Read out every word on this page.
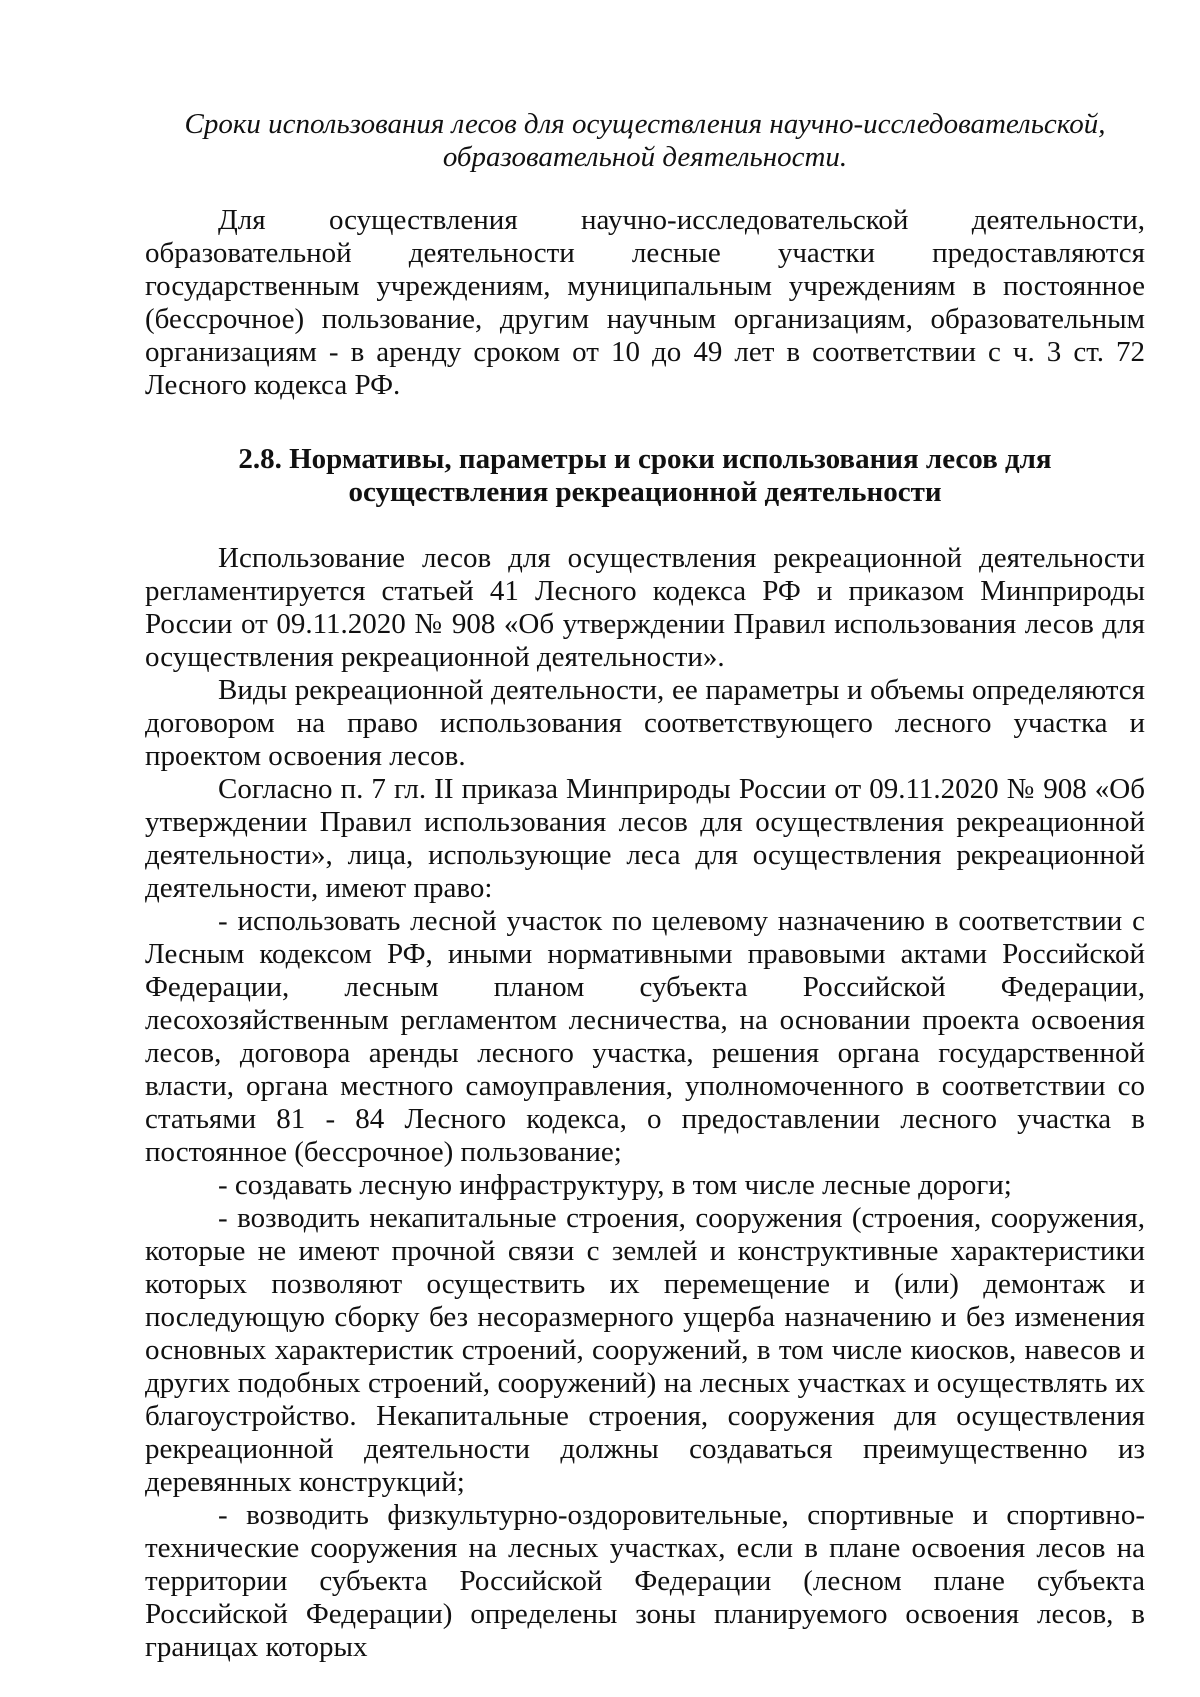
Сроки использования лесов для осуществления научно-исследовательской, образовательной деятельности.

Для осуществления научно-исследовательской деятельности, образовательной деятельности лесные участки предоставляются государственным учреждениям, муниципальным учреждениям в постоянное (бессрочное) пользование, другим научным организациям, образовательным организациям - в аренду сроком от 10 до 49 лет в соответствии с ч. 3 ст. 72 Лесного кодекса РФ.

2.8. Нормативы, параметры и сроки использования лесов для осуществления рекреационной деятельности

Использование лесов для осуществления рекреационной деятельности регламентируется статьей 41 Лесного кодекса РФ и приказом Минприроды России от 09.11.2020 № 908 «Об утверждении Правил использования лесов для осуществления рекреационной деятельности».

Виды рекреационной деятельности, ее параметры и объемы определяются договором на право использования соответствующего лесного участка и проектом освоения лесов.

Согласно п. 7 гл. II приказа Минприроды России от 09.11.2020 № 908 «Об утверждении Правил использования лесов для осуществления рекреационной деятельности», лица, использующие леса для осуществления рекреационной деятельности, имеют право:

- использовать лесной участок по целевому назначению в соответствии с Лесным кодексом РФ, иными нормативными правовыми актами Российской Федерации, лесным планом субъекта Российской Федерации, лесохозяйственным регламентом лесничества, на основании проекта освоения лесов, договора аренды лесного участка, решения органа государственной власти, органа местного самоуправления, уполномоченного в соответствии со статьями 81 - 84 Лесного кодекса, о предоставлении лесного участка в постоянное (бессрочное) пользование;

- создавать лесную инфраструктуру, в том числе лесные дороги;

- возводить некапитальные строения, сооружения (строения, сооружения, которые не имеют прочной связи с землей и конструктивные характеристики которых позволяют осуществить их перемещение и (или) демонтаж и последующую сборку без несоразмерного ущерба назначению и без изменения основных характеристик строений, сооружений, в том числе киосков, навесов и других подобных строений, сооружений) на лесных участках и осуществлять их благоустройство. Некапитальные строения, сооружения для осуществления рекреационной деятельности должны создаваться преимущественно из деревянных конструкций;

- возводить физкультурно-оздоровительные, спортивные и спортивно-технические сооружения на лесных участках, если в плане освоения лесов на территории субъекта Российской Федерации (лесном плане субъекта Российской Федерации) определены зоны планируемого освоения лесов, в границах которых
